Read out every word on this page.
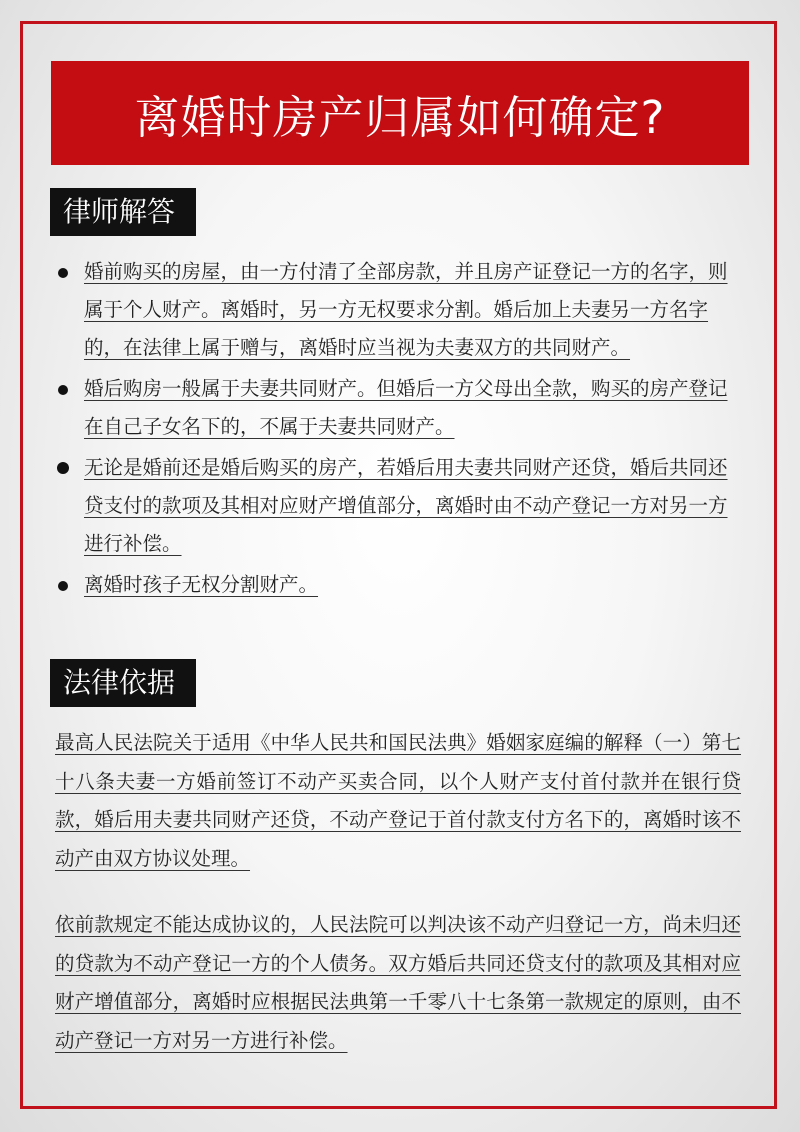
离婚时房产归属如何确定?
律师解答
婚前购买的房屋，由一方付清了全部房款，并且房产证登记一方的名字，则属于个人财产。离婚时，另一方无权要求分割。婚后加上夫妻另一方名字的，在法律上属于赠与，离婚时应当视为夫妻双方的共同财产。
婚后购房一般属于夫妻共同财产。但婚后一方父母出全款，购买的房产登记在自己子女名下的，不属于夫妻共同财产。
无论是婚前还是婚后购买的房产，若婚后用夫妻共同财产还贷，婚后共同还贷支付的款项及其相对应财产增值部分，离婚时由不动产登记一方对另一方进行补偿。
离婚时孩子无权分割财产。
法律依据

最高人民法院关于适用《中华人民共和国民法典》婚姻家庭编的解释（一）第七十八条夫妻一方婚前签订不动产买卖合同，以个人财产支付首付款并在银行贷款，婚后用夫妻共同财产还贷，不动产登记于首付款支付方名下的，离婚时该不动产由双方协议处理。

依前款规定不能达成协议的，人民法院可以判决该不动产归登记一方，尚未归还的贷款为不动产登记一方的个人债务。双方婚后共同还贷支付的款项及其相对应财产增值部分，离婚时应根据民法典第一千零八十七条第一款规定的原则，由不动产登记一方对另一方进行补偿。
